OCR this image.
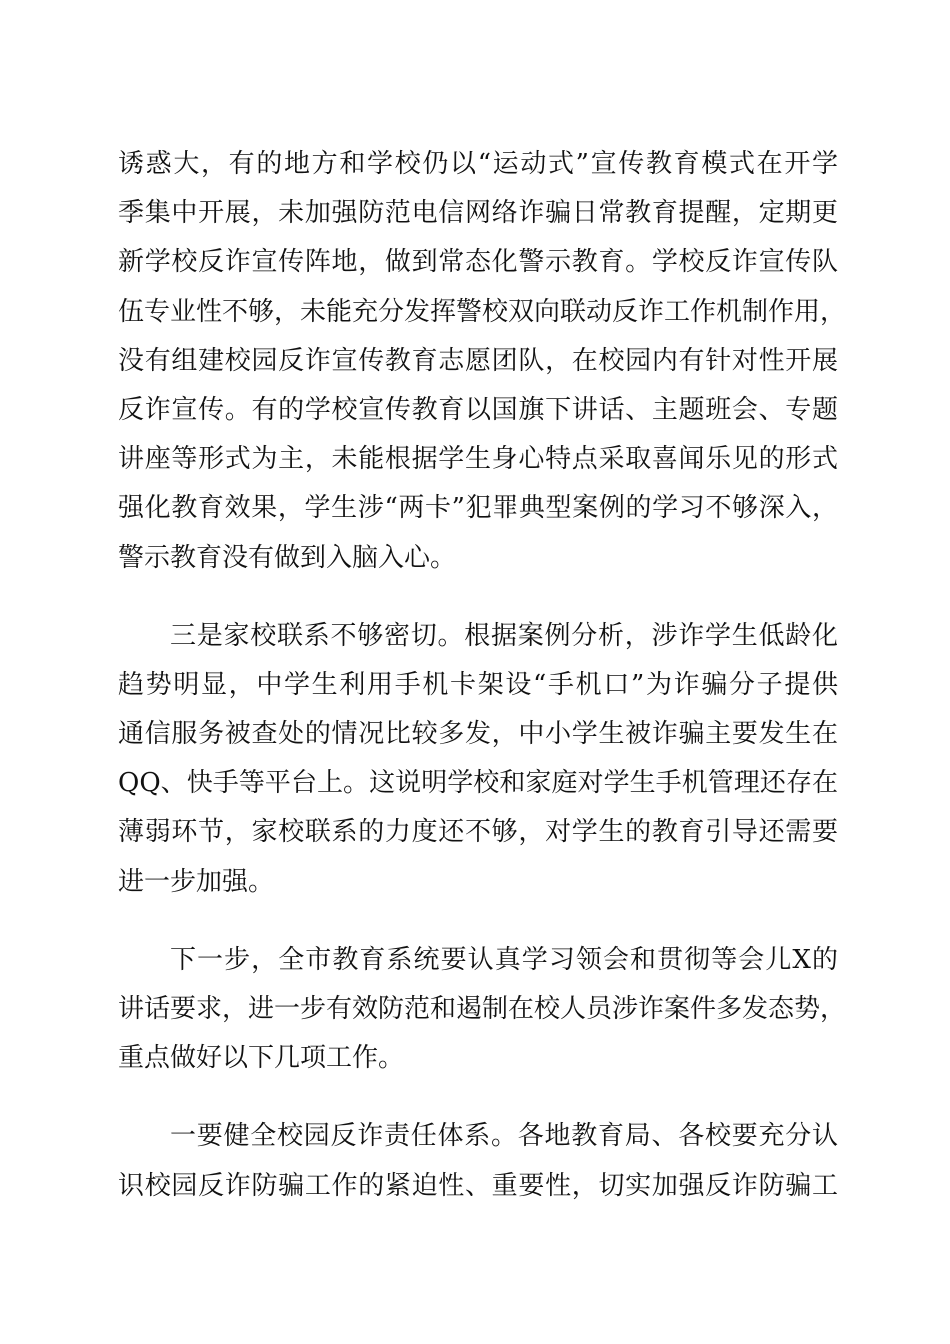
诱惑大，有的地方和学校仍以“运动式”宣传教育模式在开学
季集中开展，未加强防范电信网络诈骗日常教育提醒，定期更
新学校反诈宣传阵地，做到常态化警示教育。学校反诈宣传队
伍专业性不够，未能充分发挥警校双向联动反诈工作机制作用，
没有组建校园反诈宣传教育志愿团队，在校园内有针对性开展
反诈宣传。有的学校宣传教育以国旗下讲话、主题班会、专题
讲座等形式为主，未能根据学生身心特点采取喜闻乐见的形式
强化教育效果，学生涉“两卡”犯罪典型案例的学习不够深入，
警示教育没有做到入脑入心。
三是家校联系不够密切。根据案例分析，涉诈学生低龄化
趋势明显，中学生利用手机卡架设“手机口”为诈骗分子提供
通信服务被查处的情况比较多发，中小学生被诈骗主要发生在
QQ、快手等平台上。这说明学校和家庭对学生手机管理还存在
薄弱环节，家校联系的力度还不够，对学生的教育引导还需要
进一步加强。
下一步，全市教育系统要认真学习领会和贯彻等会儿X的
讲话要求，进一步有效防范和遏制在校人员涉诈案件多发态势，
重点做好以下几项工作。
一要健全校园反诈责任体系。各地教育局、各校要充分认
识校园反诈防骗工作的紧迫性、重要性，切实加强反诈防骗工
